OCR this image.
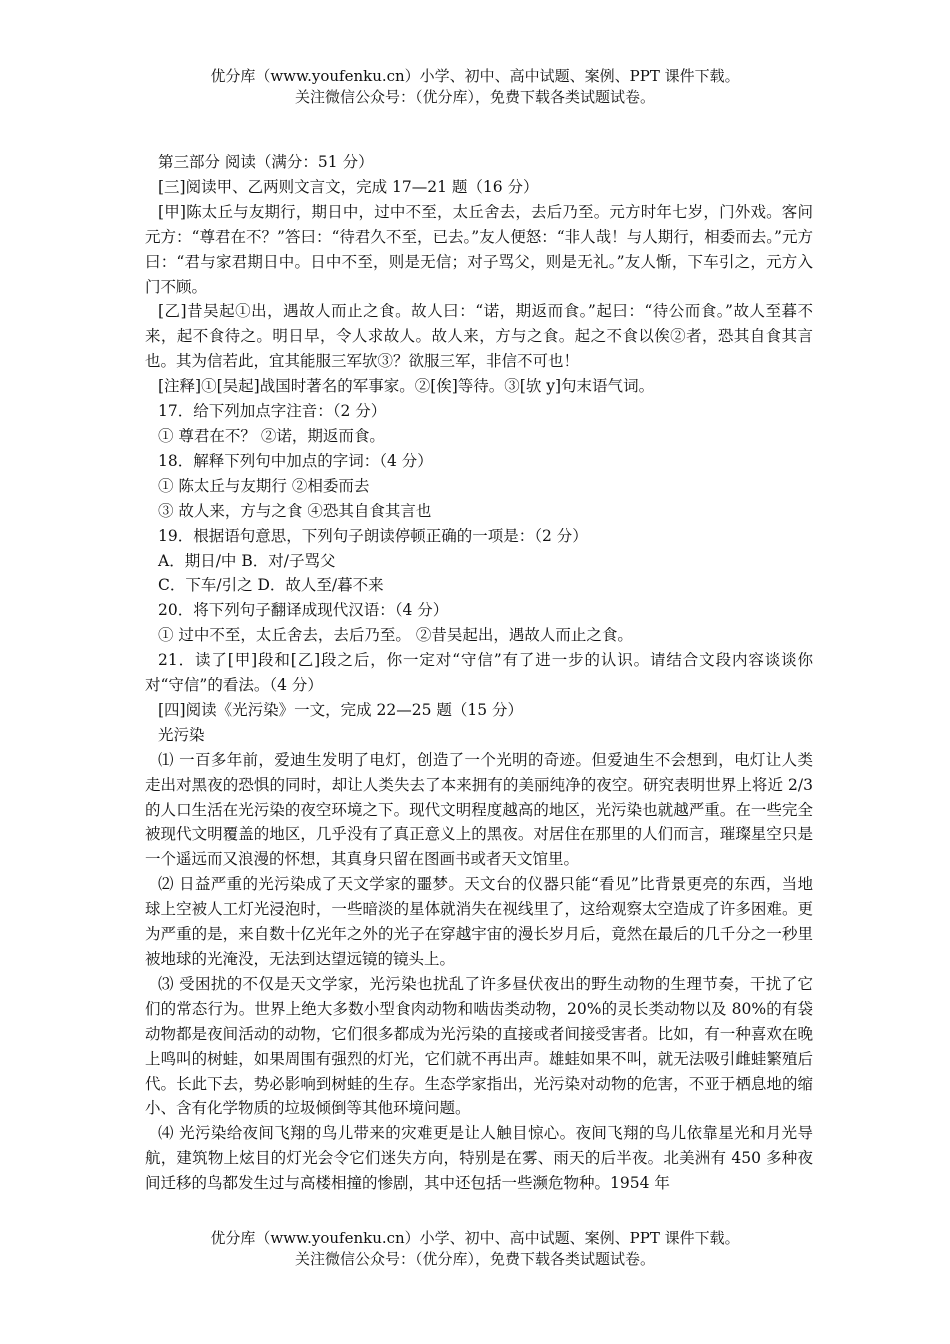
优分库（www.youfenku.cn）小学、初中、高中试题、案例、PPT 课件下载。
关注微信公众号：（优分库），免费下载各类试题试卷。

第三部分 阅读（满分：51 分）

[三]阅读甲、乙两则文言文，完成 17—21 题（16 分）

[甲]陈太丘与友期行，期日中，过中不至，太丘舍去，去后乃至。元方时年七岁，门外戏。客问元方：“尊君在不？”答曰：“待君久不至，已去。”友人便怒：“非人哉！与人期行，相委而去。”元方曰：“君与家君期日中。日中不至，则是无信；对子骂父，则是无礼。”友人惭，下车引之，元方入门不顾。

[乙]昔吴起①出，遇故人而止之食。故人曰：“诺，期返而食。”起曰：“待公而食。”故人至暮不来，起不食待之。明日早，令人求故人。故人来，方与之食。起之不食以俟②者，恐其自食其言也。其为信若此，宜其能服三军欤③？欲服三军，非信不可也！

[注释]①[吴起]战国时著名的军事家。②[俟]等待。③[欤 y]句末语气词。

17．给下列加点字注音：（2 分）

① 尊君在不？ ②诺，期返而食。

18．解释下列句中加点的字词：（4 分）

① 陈太丘与友期行 ②相委而去

③ 故人来，方与之食 ④恐其自食其言也

19．根据语句意思，下列句子朗读停顿正确的一项是：（2 分）

A．期日/中 B．对/子骂父

C．下车/引之 D．故人至/暮不来

20．将下列句子翻译成现代汉语：（4 分）

① 过中不至，太丘舍去，去后乃至。 ②昔吴起出，遇故人而止之食。

21．读了[甲]段和[乙]段之后，你一定对“守信”有了进一步的认识。请结合文段内容谈谈你对“守信”的看法。（4 分）

[四]阅读《光污染》一文，完成 22—25 题（15 分）

光污染

⑴ 一百多年前，爱迪生发明了电灯，创造了一个光明的奇迹。但爱迪生不会想到，电灯让人类走出对黑夜的恐惧的同时，却让人类失去了本来拥有的美丽纯净的夜空。研究表明世界上将近 2/3 的人口生活在光污染的夜空环境之下。现代文明程度越高的地区，光污染也就越严重。在一些完全被现代文明覆盖的地区，几乎没有了真正意义上的黑夜。对居住在那里的人们而言，璀璨星空只是一个遥远而又浪漫的怀想，其真身只留在图画书或者天文馆里。

⑵ 日益严重的光污染成了天文学家的噩梦。天文台的仪器只能“看见”比背景更亮的东西，当地球上空被人工灯光浸泡时，一些暗淡的星体就消失在视线里了，这给观察太空造成了许多困难。更为严重的是，来自数十亿光年之外的光子在穿越宇宙的漫长岁月后，竟然在最后的几千分之一秒里被地球的光淹没，无法到达望远镜的镜头上。

⑶ 受困扰的不仅是天文学家，光污染也扰乱了许多昼伏夜出的野生动物的生理节奏，干扰了它们的常态行为。世界上绝大多数小型食肉动物和啮齿类动物，20%的灵长类动物以及 80%的有袋动物都是夜间活动的动物，它们很多都成为光污染的直接或者间接受害者。比如，有一种喜欢在晚上鸣叫的树蛙，如果周围有强烈的灯光，它们就不再出声。雄蛙如果不叫，就无法吸引雌蛙繁殖后代。长此下去，势必影响到树蛙的生存。生态学家指出，光污染对动物的危害，不亚于栖息地的缩小、含有化学物质的垃圾倾倒等其他环境问题。

⑷ 光污染给夜间飞翔的鸟儿带来的灾难更是让人触目惊心。夜间飞翔的鸟儿依靠星光和月光导航，建筑物上炫目的灯光会令它们迷失方向，特别是在雾、雨天的后半夜。北美洲有 450 多种夜间迁移的鸟都发生过与高楼相撞的惨剧，其中还包括一些濒危物种。1954 年

优分库（www.youfenku.cn）小学、初中、高中试题、案例、PPT 课件下载。
关注微信公众号：（优分库），免费下载各类试题试卷。
